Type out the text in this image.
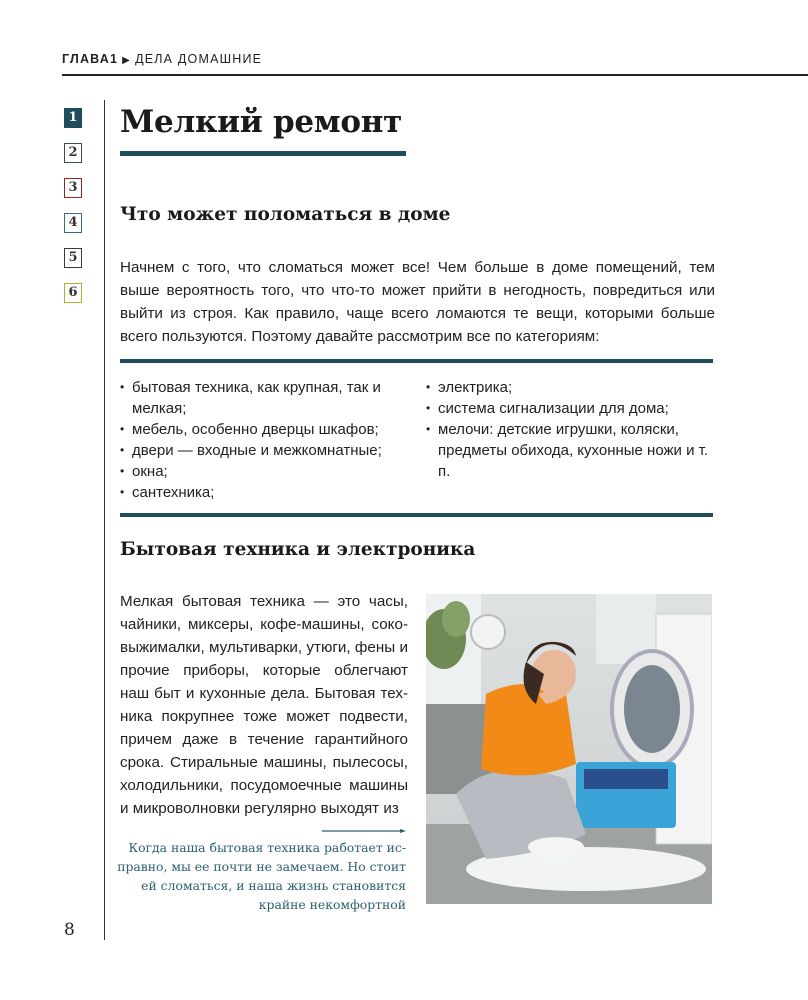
ГЛАВА1 ▶ ДЕЛА ДОМАШНИЕ
1
2
3
4
5
6
Мелкий ремонт
Что может поломаться в доме
Начнем с того, что сломаться может все! Чем больше в доме помещений, тем выше вероятность того, что что-то может прийти в негодность, повредиться или выйти из строя. Как правило, чаще всего ломаются те вещи, которыми больше всего пользуются. Поэтому давайте рассмотрим все по категориям:
• бытовая техника, как крупная, так и мелкая;
• мебель, особенно дверцы шкафов;
• двери — входные и межкомнатные;
• окна;
• сантехника;
• электрика;
• система сигнализации для дома;
• мелочи: детские игрушки, коляски, предметы обихода, кухонные ножи и т. п.
Бытовая техника и электроника
Мелкая бытовая техника — это часы, чайники, миксеры, кофе-машины, соковыжималки, мультиварки, утюги, фены и прочие приборы, которые облегчают наш быт и кухонные дела. Бытовая техника покрупнее тоже может подвести, причем даже в течение гарантийного срока. Стиральные машины, пылесосы, холодильники, посудомоечные машины и микроволновки регулярно выходят из
Когда наша бытовая техника работает исправно, мы ее почти не замечаем. Но стоит ей сломаться, и наша жизнь становится крайне некомфортной
8
